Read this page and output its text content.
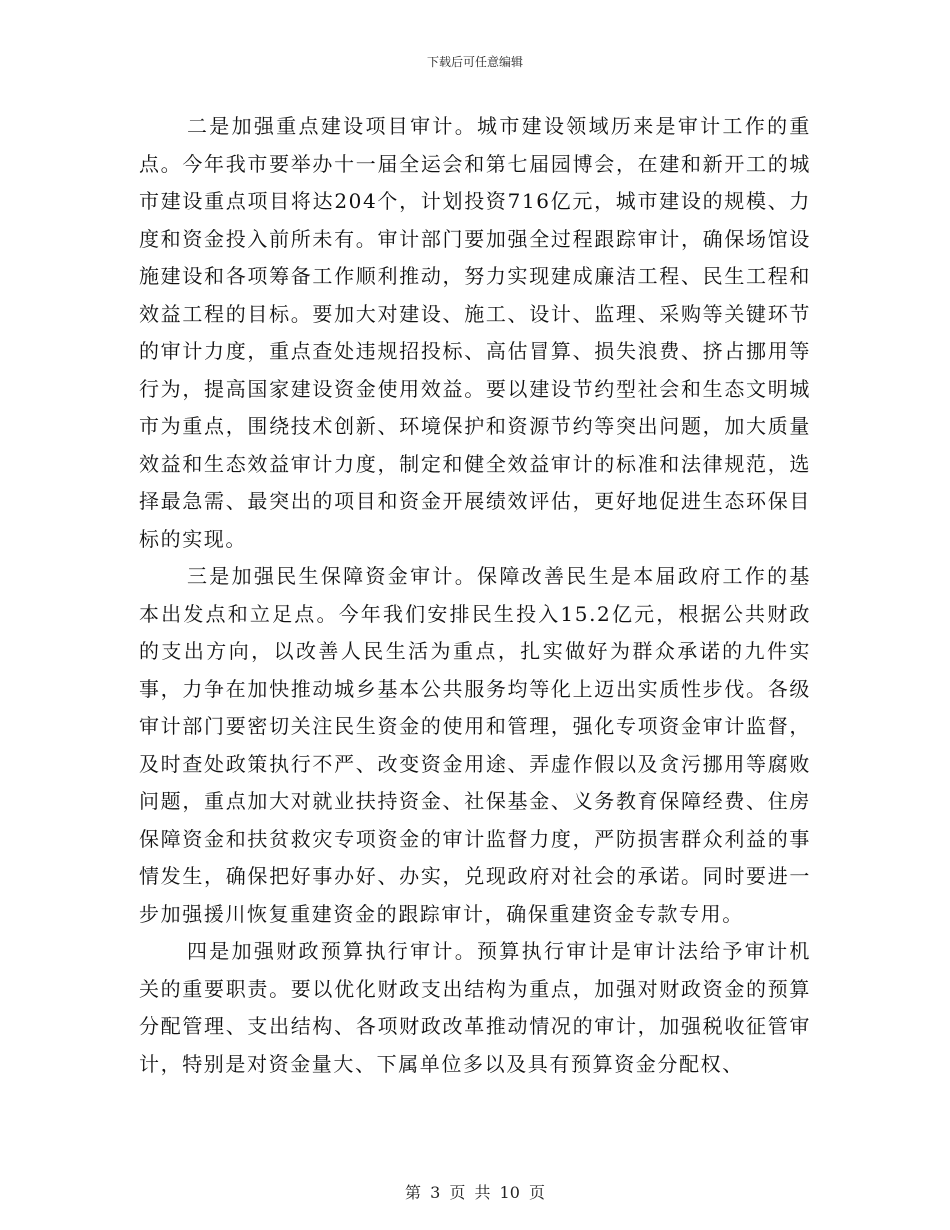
下载后可任意编辑

二是加强重点建设项目审计。城市建设领域历来是审计工作的重点。今年我市要举办十一届全运会和第七届园博会，在建和新开工的城市建设重点项目将达204个，计划投资716亿元，城市建设的规模、力度和资金投入前所未有。审计部门要加强全过程跟踪审计，确保场馆设施建设和各项筹备工作顺利推动，努力实现建成廉洁工程、民生工程和效益工程的目标。要加大对建设、施工、设计、监理、采购等关键环节的审计力度，重点查处违规招投标、高估冒算、损失浪费、挤占挪用等行为，提高国家建设资金使用效益。要以建设节约型社会和生态文明城市为重点，围绕技术创新、环境保护和资源节约等突出问题，加大质量效益和生态效益审计力度，制定和健全效益审计的标准和法律规范，选择最急需、最突出的项目和资金开展绩效评估，更好地促进生态环保目标的实现。

三是加强民生保障资金审计。保障改善民生是本届政府工作的基本出发点和立足点。今年我们安排民生投入15.2亿元，根据公共财政的支出方向，以改善人民生活为重点，扎实做好为群众承诺的九件实事，力争在加快推动城乡基本公共服务均等化上迈出实质性步伐。各级审计部门要密切关注民生资金的使用和管理，强化专项资金审计监督，及时查处政策执行不严、改变资金用途、弄虚作假以及贪污挪用等腐败问题，重点加大对就业扶持资金、社保基金、义务教育保障经费、住房保障资金和扶贫救灾专项资金的审计监督力度，严防损害群众利益的事情发生，确保把好事办好、办实，兑现政府对社会的承诺。同时要进一步加强援川恢复重建资金的跟踪审计，确保重建资金专款专用。

四是加强财政预算执行审计。预算执行审计是审计法给予审计机关的重要职责。要以优化财政支出结构为重点，加强对财政资金的预算分配管理、支出结构、各项财政改革推动情况的审计，加强税收征管审计，特别是对资金量大、下属单位多以及具有预算资金分配权、

第 3 页 共 10 页
